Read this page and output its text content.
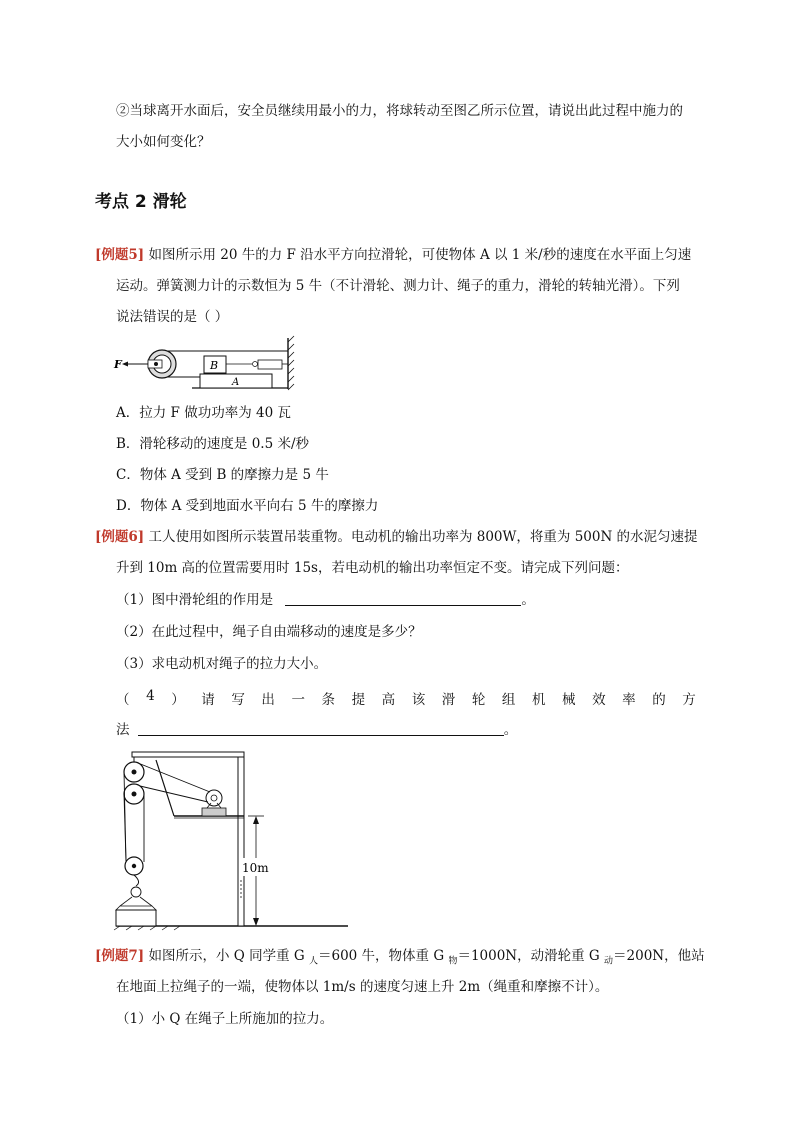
②当球离开水面后，安全员继续用最小的力，将球转动至图乙所示位置，请说出此过程中施力的
大小如何变化？
考点 2 滑轮
[例题5] 如图所示用 20 牛的力 F 沿水平方向拉滑轮，可使物体 A 以 1 米/秒的速度在水平面上匀速
运动。弹簧测力计的示数恒为 5 牛（不计滑轮、测力计、绳子的重力，滑轮的转轴光滑）。下列
说法错误的是（ ）
A
B
F
A．拉力 F 做功功率为 40 瓦
B．滑轮移动的速度是 0.5 米/秒
C．物体 A 受到 B 的摩擦力是 5 牛
D．物体 A 受到地面水平向右 5 牛的摩擦力
[例题6] 工人使用如图所示装置吊装重物。电动机的输出功率为 800W，将重为 500N 的水泥匀速提
升到 10m 高的位置需要用时 15s，若电动机的输出功率恒定不变。请完成下列问题：
（1）图中滑轮组的作用是	。
（2）在此过程中，绳子自由端移动的速度是多少？
（3）求电动机对绳子的拉力大小。
（ 4 ） 请 写 出 一 条 提 高 该 滑 轮 组 机 械 效 率 的 方
法	。
10m
[例题7] 如图所示，小 Q 同学重 G $_人$＝600 牛，物体重 G $_物$＝1000N，动滑轮重 G $_动$＝200N，他站
在地面上拉绳子的一端，使物体以 1m/s 的速度匀速上升 2m（绳重和摩擦不计）。
（1）小 Q 在绳子上所施加的拉力。
